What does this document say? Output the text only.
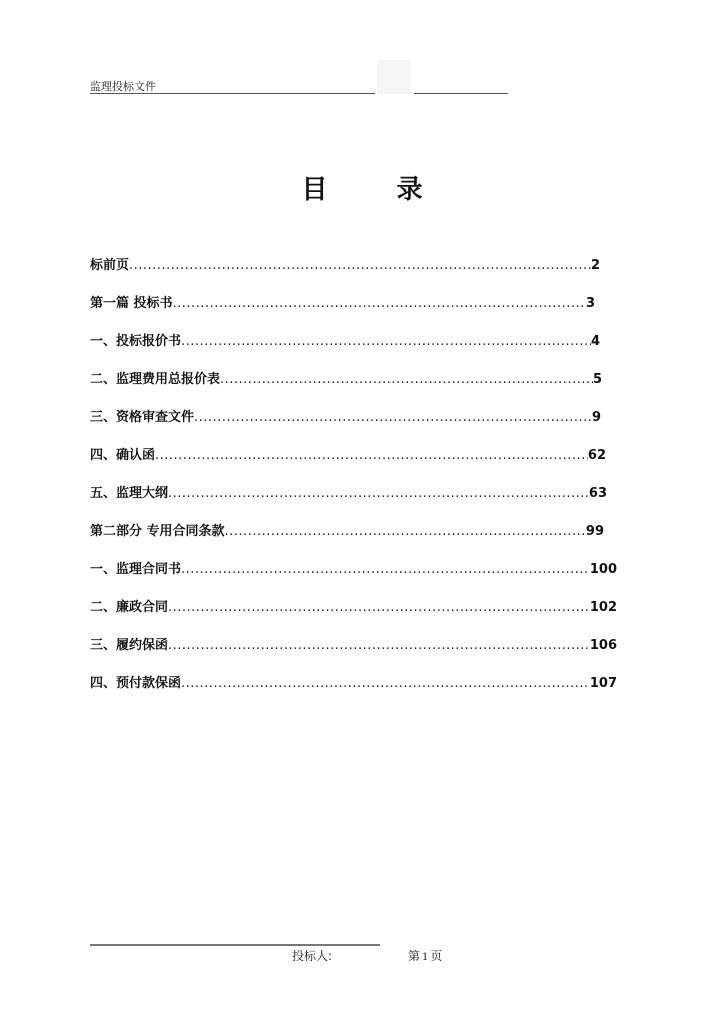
监理投标文件
目 录
标前页 .....	2
第一篇 投标书 .....	3
一、投标报价书 .....	4
二、监理费用总报价表 .....	5
三、资格审查文件 .....	9
四、确认函 .....	62
五、监理大纲 .....	63
第二部分 专用合同条款 .....	99
一、监理合同书 .....	100
二、廉政合同 .....	102
三、履约保函 .....	106
四、预付款保函 .....	107
投标人:	第 1 页
